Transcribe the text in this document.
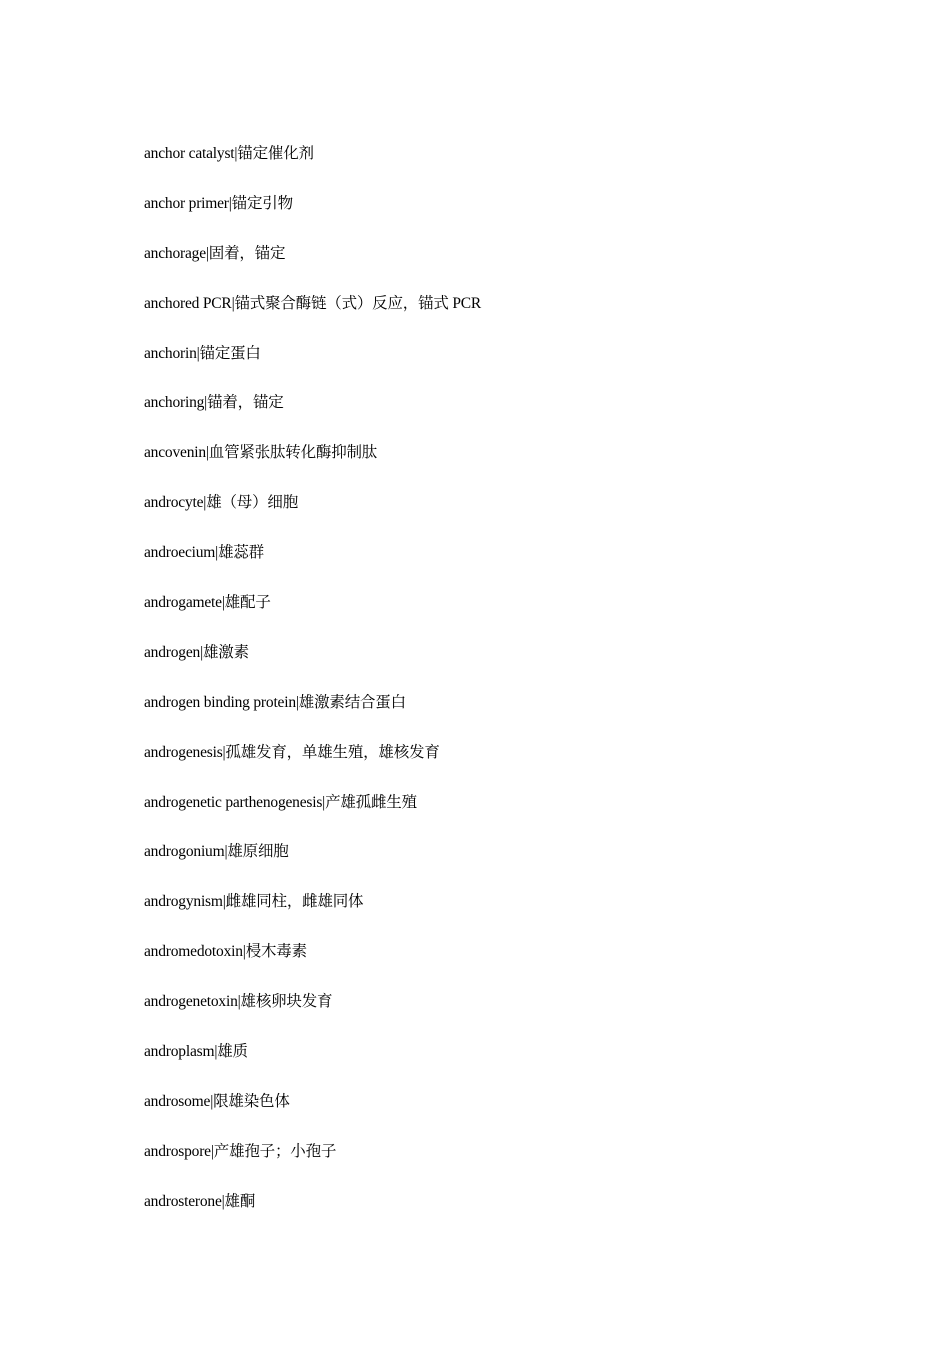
anchor catalyst|锚定催化剂
anchor primer|锚定引物
anchorage|固着，锚定
anchored PCR|锚式聚合酶链（式）反应，锚式 PCR
anchorin|锚定蛋白
anchoring|锚着，锚定
ancovenin|血管紧张肽转化酶抑制肽
androcyte|雄（母）细胞
androecium|雄蕊群
androgamete|雄配子
androgen|雄激素
androgen binding protein|雄激素结合蛋白
androgenesis|孤雄发育，单雄生殖，雄核发育
androgenetic parthenogenesis|产雄孤雌生殖
androgonium|雄原细胞
androgynism|雌雄同柱，雌雄同体
andromedotoxin|梫木毒素
androgenetoxin|雄核卵块发育
androplasm|雄质
androsome|限雄染色体
androspore|产雄孢子；小孢子
androsterone|雄酮
